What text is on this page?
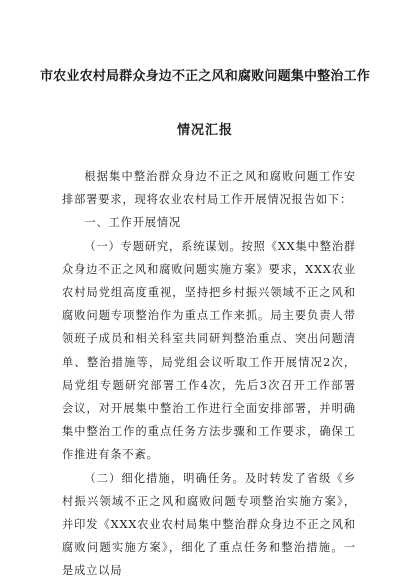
市农业农村局群众身边不正之风和腐败问题集中整治工作
情况汇报

根据集中整治群众身边不正之风和腐败问题工作安排部署要求，现将农业农村局工作开展情况报告如下：

一、工作开展情况

（一）专题研究，系统谋划。按照《XX集中整治群众身边不正之风和腐败问题实施方案》要求，XXX农业农村局党组高度重视，坚持把乡村振兴领域不正之风和腐败问题专项整治作为重点工作来抓。局主要负责人带领班子成员和相关科室共同研判整治重点、突出问题清单、整治措施等，局党组会议听取工作开展情况2次，局党组专题研究部署工作4次，先后3次召开工作部署会议，对开展集中整治工作进行全面安排部署，并明确集中整治工作的重点任务方法步骤和工作要求，确保工作推进有条不紊。

（二）细化措施，明确任务。及时转发了省级《乡村振兴领域不正之风和腐败问题专项整治实施方案》，并印发《XXX农业农村局集中整治群众身边不正之风和腐败问题实施方案》，细化了重点任务和整治措施。一是成立以局
